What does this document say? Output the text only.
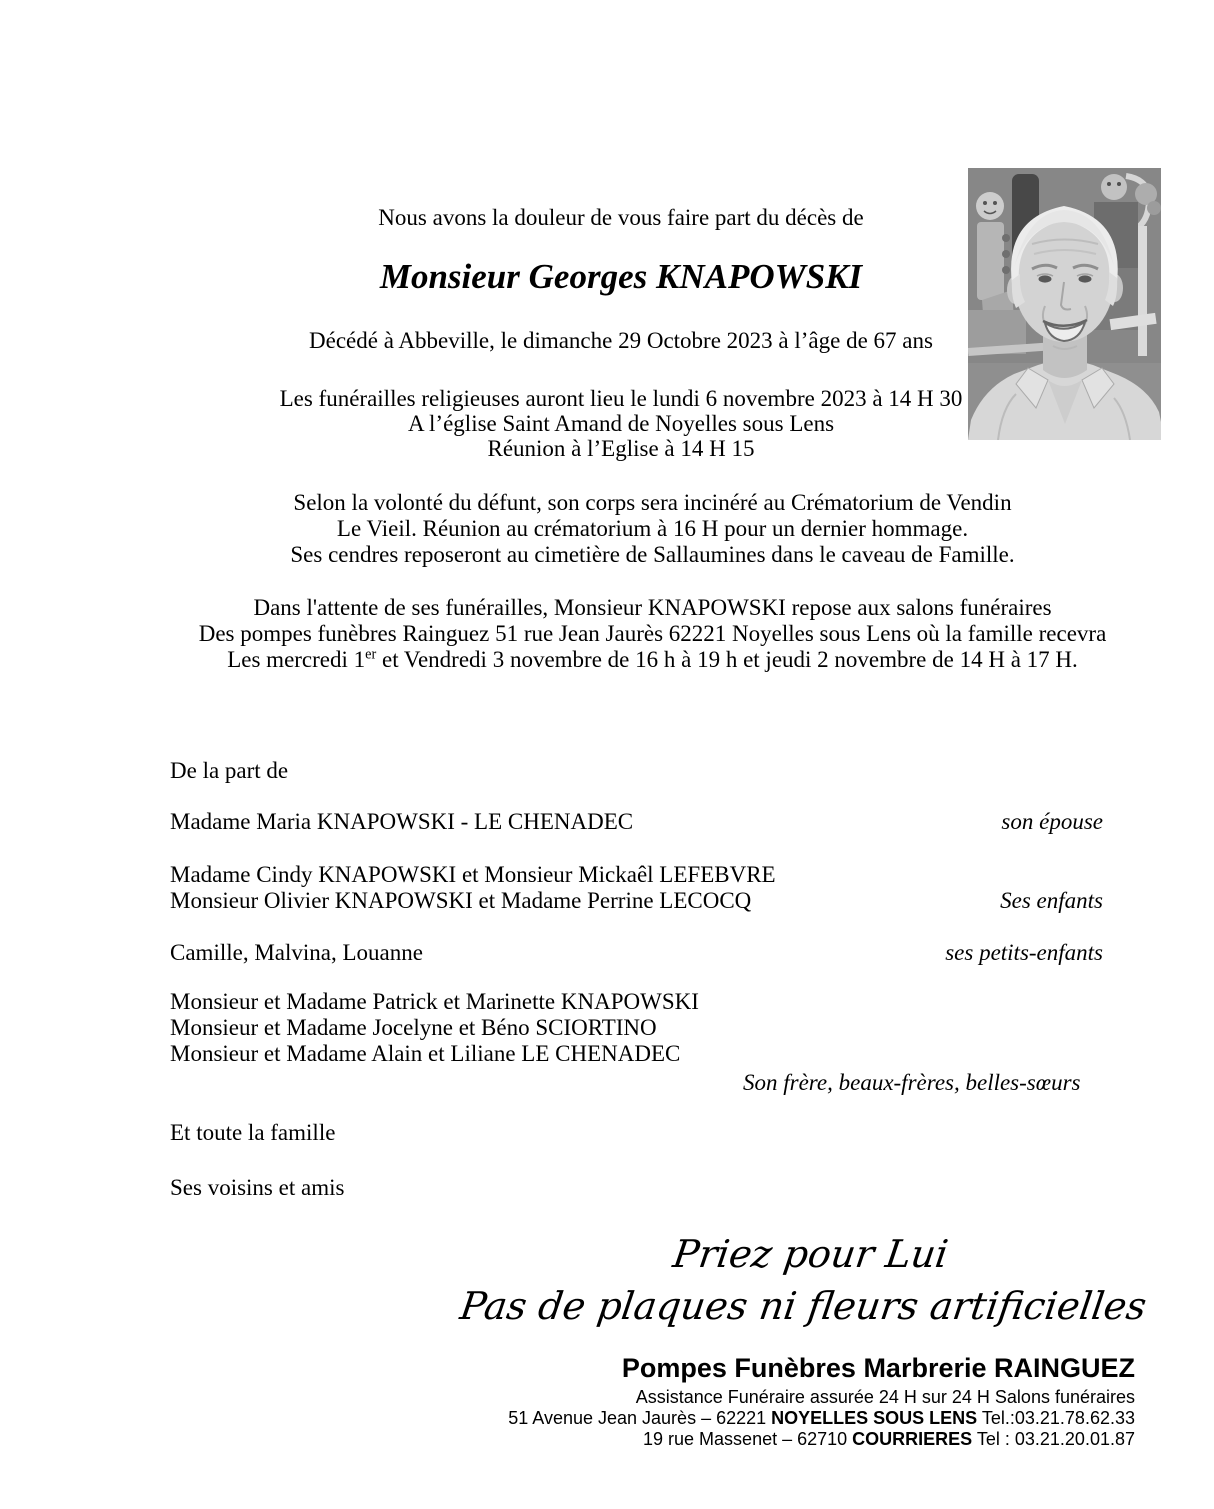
Nous avons la douleur de vous faire part du décès de
Monsieur Georges KNAPOWSKI
Décédé à Abbeville, le dimanche 29 Octobre 2023 à l’âge de 67 ans
Les funérailles religieuses auront lieu le lundi 6 novembre 2023 à 14 H 30
A l’église Saint Amand de Noyelles sous Lens
Réunion à l’Eglise à 14 H 15
Selon la volonté du défunt, son corps sera incinéré au Crématorium de Vendin
Le Vieil. Réunion au crématorium à 16 H pour un dernier hommage.
Ses cendres reposeront au cimetière de Sallaumines dans le caveau de Famille.
Dans l'attente de ses funérailles, Monsieur KNAPOWSKI repose aux salons funéraires
Des pompes funèbres Rainguez 51 rue Jean Jaurès 62221 Noyelles sous Lens où la famille recevra
Les mercredi 1er et Vendredi 3 novembre de 16 h à 19 h et jeudi 2 novembre de 14 H à 17 H.
De la part de
Madame Maria KNAPOWSKI - LE CHENADEC	son épouse
Madame Cindy KNAPOWSKI et Monsieur Mickaêl LEFEBVRE
Monsieur Olivier KNAPOWSKI et Madame Perrine LECOCQ	Ses enfants
Camille, Malvina, Louanne	ses petits-enfants
Monsieur et Madame Patrick et Marinette KNAPOWSKI
Monsieur et Madame Jocelyne et Béno SCIORTINO
Monsieur et Madame Alain et Liliane LE CHENADEC
Son frère, beaux-frères, belles-sœurs
Et toute la famille
Ses voisins et amis
Priez pour Lui
Pas de plaques ni fleurs artificielles
Pompes Funèbres Marbrerie RAINGUEZ
Assistance Funéraire assurée 24 H sur 24 H Salons funéraires
51 Avenue Jean Jaurès – 62221 NOYELLES SOUS LENS Tel.:03.21.78.62.33
19 rue Massenet – 62710 COURRIERES Tel : 03.21.20.01.87
